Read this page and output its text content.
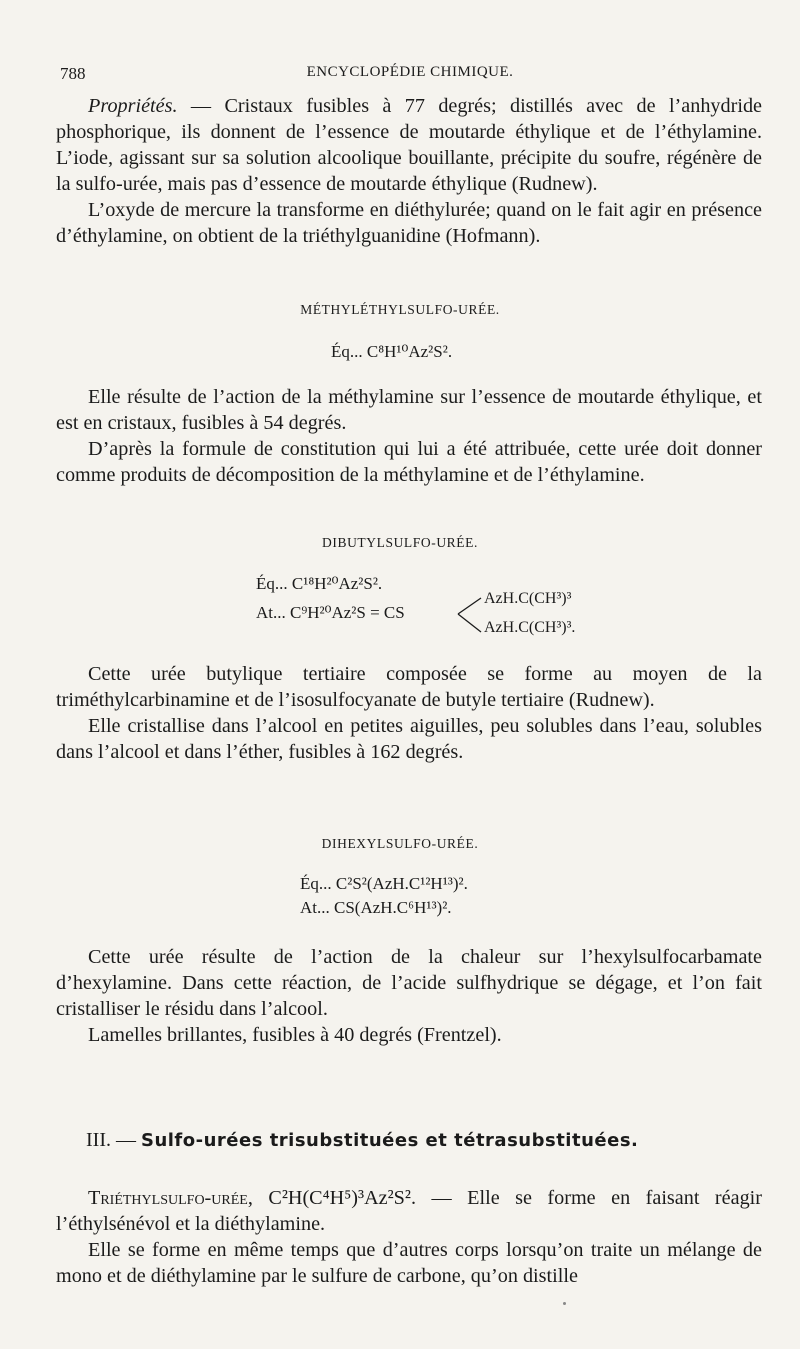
788	ENCYCLOPÉDIE CHIMIQUE.

Propriétés. — Cristaux fusibles à 77 degrés; distillés avec de l’anhydride phosphorique, ils donnent de l’essence de moutarde éthylique et de l’éthylamine. L’iode, agissant sur sa solution alcoolique bouillante, précipite du soufre, régénère de la sulfo-urée, mais pas d’essence de moutarde éthylique (Rudnew).

L’oxyde de mercure la transforme en diéthylurée; quand on le fait agir en présence d’éthylamine, on obtient de la triéthylguanidine (Hofmann).

MÉTHYLÉTHYLSULFO-URÉE.
Éq... C⁸H¹⁰Az²S².

Elle résulte de l’action de la méthylamine sur l’essence de moutarde éthylique, et est en cristaux, fusibles à 54 degrés.

D’après la formule de constitution qui lui a été attribuée, cette urée doit donner comme produits de décomposition de la méthylamine et de l’éthylamine.

DIBUTYLSULFO-URÉE.
Éq... C¹⁸H²⁰Az²S².
At... C⁹H²⁰Az²S = CS
AzH.C(CH³)³
AzH.C(CH³)³.

Cette urée butylique tertiaire composée se forme au moyen de la triméthylcarbinamine et de l’isosulfocyanate de butyle tertiaire (Rudnew).

Elle cristallise dans l’alcool en petites aiguilles, peu solubles dans l’eau, solubles dans l’alcool et dans l’éther, fusibles à 162 degrés.

DIHEXYLSULFO-URÉE.
Éq... C²S²(AzH.C¹²H¹³)².
At... CS(AzH.C⁶H¹³)².

Cette urée résulte de l’action de la chaleur sur l’hexylsulfocarbamate d’hexylamine. Dans cette réaction, de l’acide sulfhydrique se dégage, et l’on fait cristalliser le résidu dans l’alcool.

Lamelles brillantes, fusibles à 40 degrés (Frentzel).

III. — Sulfo-urées trisubstituées et tétrasubstituées.

Triéthylsulfo-urée, C²H(C⁴H⁵)³Az²S². — Elle se forme en faisant réagir l’éthylsénévol et la diéthylamine.

Elle se forme en même temps que d’autres corps lorsqu’on traite un mélange de mono et de diéthylamine par le sulfure de carbone, qu’on distille
